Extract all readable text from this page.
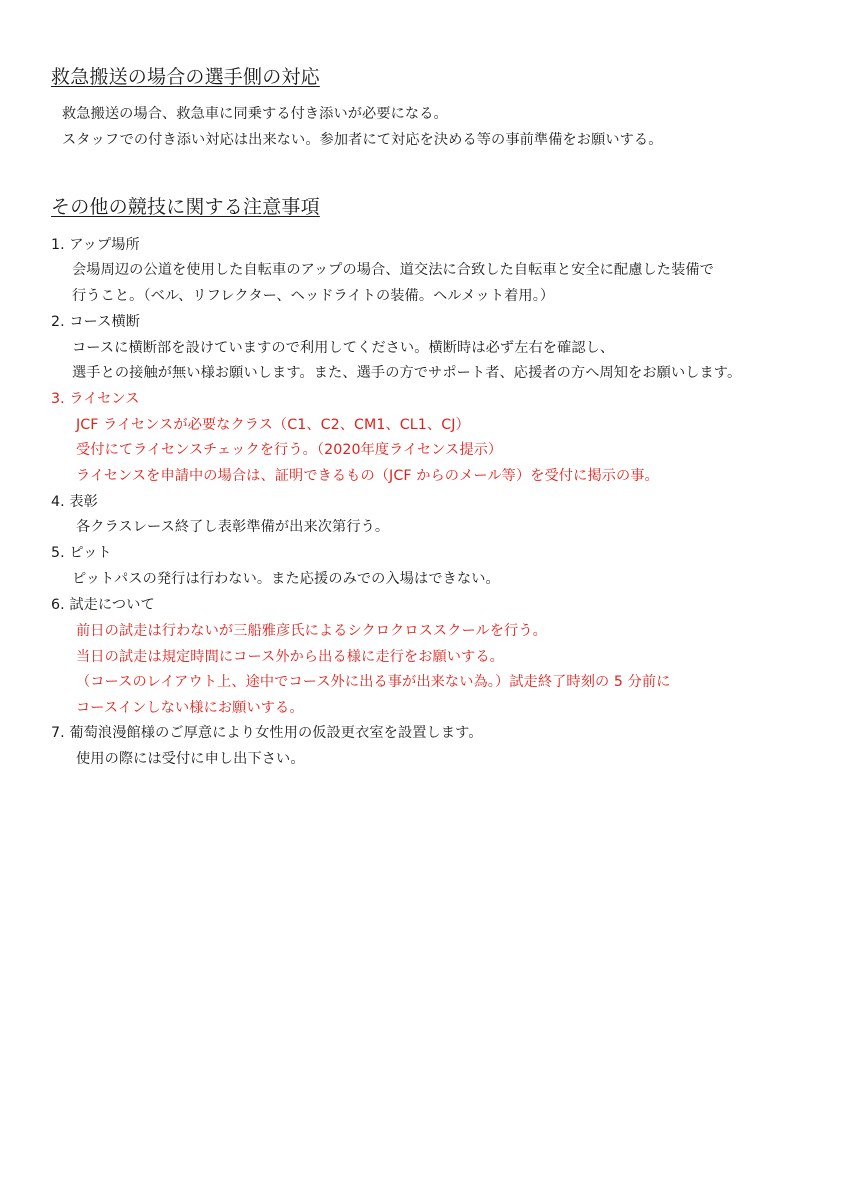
救急搬送の場合の選手側の対応
救急搬送の場合、救急車に同乗する付き添いが必要になる。
スタッフでの付き添い対応は出来ない。参加者にて対応を決める等の事前準備をお願いする。
その他の競技に関する注意事項
1. アップ場所
会場周辺の公道を使用した自転車のアップの場合、道交法に合致した自転車と安全に配慮した装備で
行うこと。（ベル、リフレクター、ヘッドライトの装備。ヘルメット着用。）
2. コース横断
コースに横断部を設けていますので利用してください。横断時は必ず左右を確認し、
選手との接触が無い様お願いします。また、選手の方でサポート者、応援者の方へ周知をお願いします。
3. ライセンス
JCF ライセンスが必要なクラス（C1、C2、CM1、CL1、CJ）
受付にてライセンスチェックを行う。（2020年度ライセンス提示）
ライセンスを申請中の場合は、証明できるもの（JCF からのメール等）を受付に掲示の事。
4. 表彰
各クラスレース終了し表彰準備が出来次第行う。
5. ピット
ピットパスの発行は行わない。また応援のみでの入場はできない。
6. 試走について
前日の試走は行わないが三船雅彦氏によるシクロクロススクールを行う。
当日の試走は規定時間にコース外から出る様に走行をお願いする。
（コースのレイアウト上、途中でコース外に出る事が出来ない為。）試走終了時刻の 5 分前に
コースインしない様にお願いする。
7. 葡萄浪漫館様のご厚意により女性用の仮設更衣室を設置します。
使用の際には受付に申し出下さい。
